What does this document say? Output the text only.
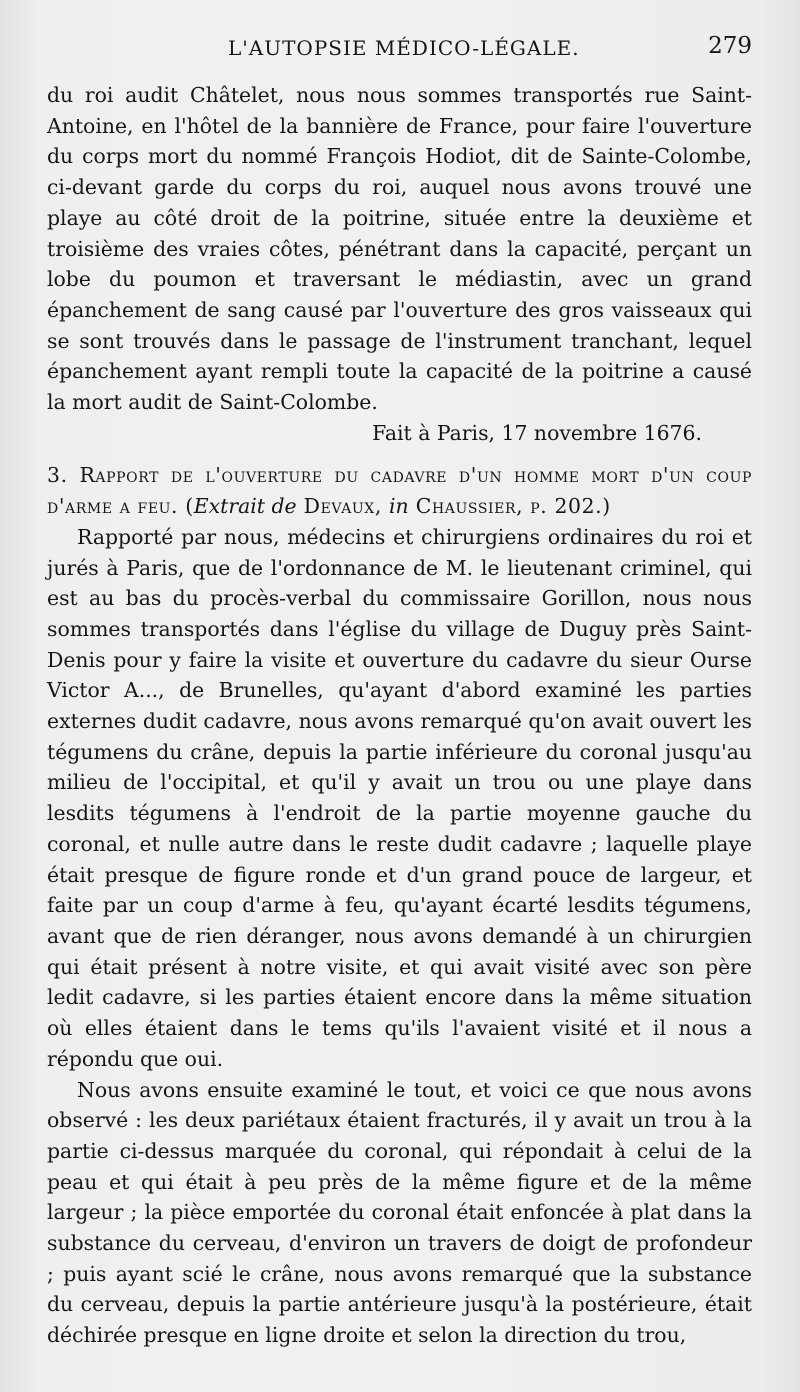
L'AUTOPSIE MÉDICO-LÉGALE.	279

du roi audit Châtelet, nous nous sommes transportés rue Saint-Antoine, en l'hôtel de la bannière de France, pour faire l'ouverture du corps mort du nommé François Hodiot, dit de Sainte-Colombe, ci-devant garde du corps du roi, auquel nous avons trouvé une playe au côté droit de la poitrine, située entre la deuxième et troisième des vraies côtes, pénétrant dans la capacité, perçant un lobe du poumon et traversant le médiastin, avec un grand épanchement de sang causé par l'ouverture des gros vaisseaux qui se sont trouvés dans le passage de l'instrument tranchant, lequel épanchement ayant rempli toute la capacité de la poitrine a causé la mort audit de Saint-Colombe.

Fait à Paris, 17 novembre 1676.

3. Rapport de l'ouverture du cadavre d'un homme mort d'un coup d'arme a feu. (Extrait de Devaux, in Chaussier, p. 202.)

Rapporté par nous, médecins et chirurgiens ordinaires du roi et jurés à Paris, que de l'ordonnance de M. le lieutenant criminel, qui est au bas du procès-verbal du commissaire Gorillon, nous nous sommes transportés dans l'église du village de Duguy près Saint-Denis pour y faire la visite et ouverture du cadavre du sieur Ourse Victor A..., de Brunelles, qu'ayant d'abord examiné les parties externes dudit cadavre, nous avons remarqué qu'on avait ouvert les tégumens du crâne, depuis la partie inférieure du coronal jusqu'au milieu de l'occipital, et qu'il y avait un trou ou une playe dans lesdits tégumens à l'endroit de la partie moyenne gauche du coronal, et nulle autre dans le reste dudit cadavre ; laquelle playe était presque de figure ronde et d'un grand pouce de largeur, et faite par un coup d'arme à feu, qu'ayant écarté lesdits tégumens, avant que de rien déranger, nous avons demandé à un chirurgien qui était présent à notre visite, et qui avait visité avec son père ledit cadavre, si les parties étaient encore dans la même situation où elles étaient dans le tems qu'ils l'avaient visité et il nous a répondu que oui.

Nous avons ensuite examiné le tout, et voici ce que nous avons observé : les deux pariétaux étaient fracturés, il y avait un trou à la partie ci-dessus marquée du coronal, qui répondait à celui de la peau et qui était à peu près de la même figure et de la même largeur ; la pièce emportée du coronal était enfoncée à plat dans la substance du cerveau, d'environ un travers de doigt de profondeur ; puis ayant scié le crâne, nous avons remarqué que la substance du cerveau, depuis la partie antérieure jusqu'à la postérieure, était déchirée presque en ligne droite et selon la direction du trou,
